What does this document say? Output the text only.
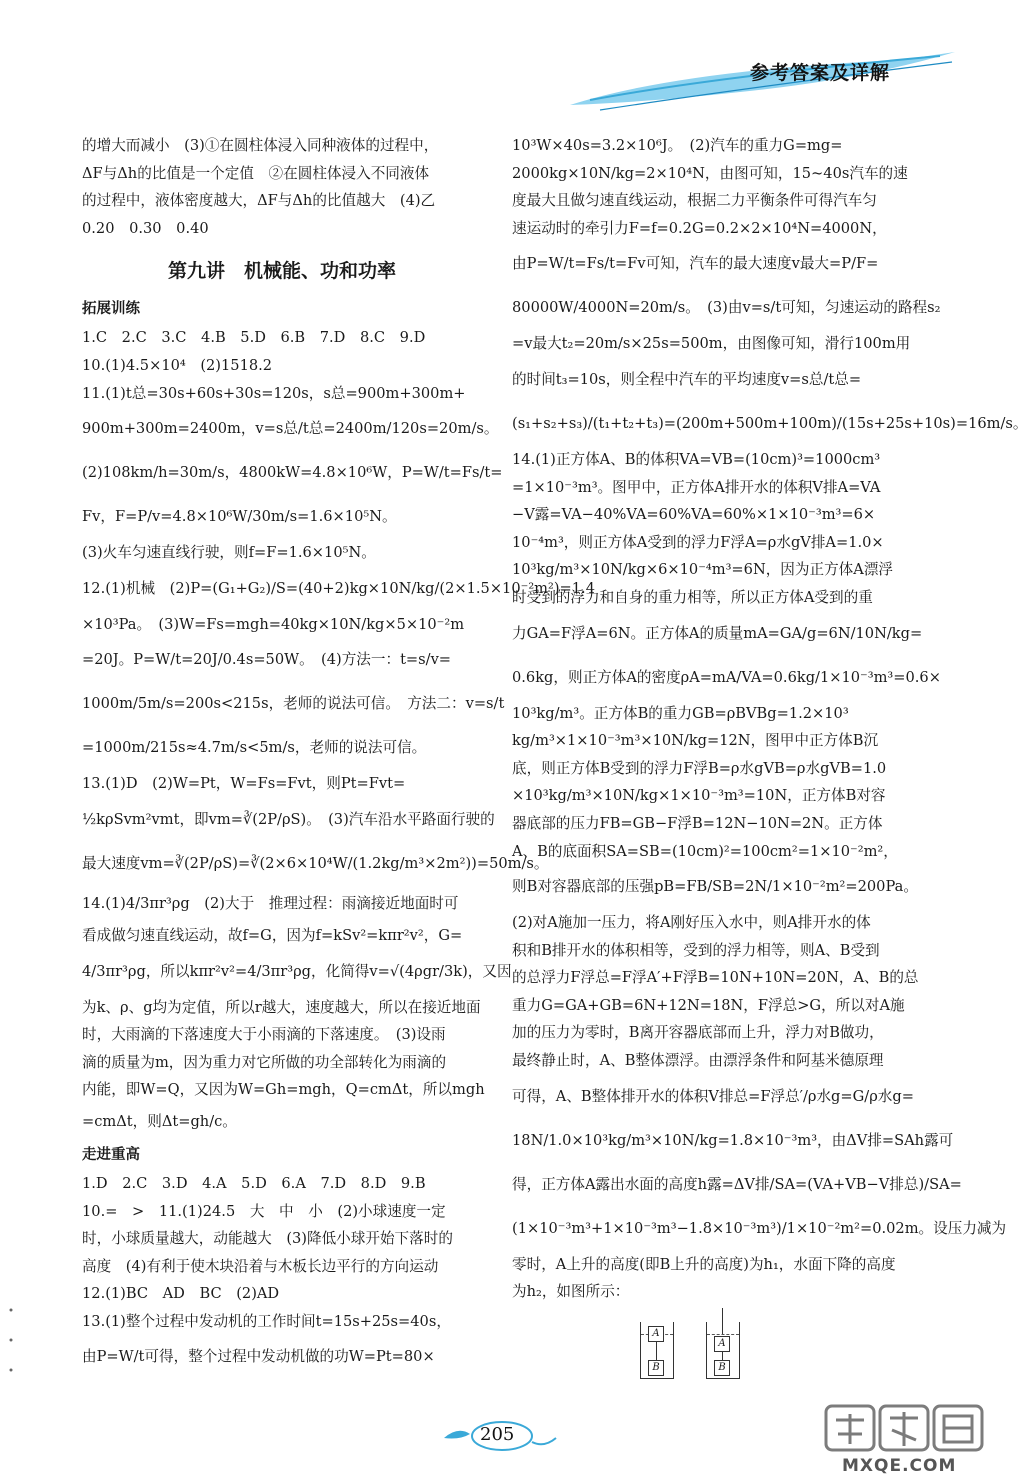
参考答案及详解
的增大而减小　(3)①在圆柱体浸入同种液体的过程中，
ΔF与Δh的比值是一个定值　②在圆柱体浸入不同液体
的过程中，液体密度越大，ΔF与Δh的比值越大　(4)乙
0.20　0.30　0.40
第九讲　机械能、功和功率
拓展训练
1.C　2.C　3.C　4.B　5.D　6.B　7.D　8.C　9.D
10.(1)4.5×10⁴　(2)1518.2
11.(1)t总=30s+60s+30s=120s，s总=900m+300m+
900m+300m=2400m，v=s总/t总=2400m/120s=20m/s。
(2)108km/h=30m/s，4800kW=4.8×10⁶W，P=W/t=Fs/t=
Fv，F=P/v=4.8×10⁶W/30m/s=1.6×10⁵N。
(3)火车匀速直线行驶，则f=F=1.6×10⁵N。
12.(1)机械　(2)P=(G₁+G₂)/S=(40+2)kg×10N/kg/(2×1.5×10⁻²m²)=1.4
×10³Pa。　(3)W=Fs=mgh=40kg×10N/kg×5×10⁻²m
=20J。P=W/t=20J/0.4s=50W。　(4)方法一：t=s/v=
1000m/5m/s=200s<215s，老师的说法可信。　方法二：v=s/t
=1000m/215s≈4.7m/s<5m/s，老师的说法可信。
13.(1)D　(2)W=Pt，W=Fs=Fvt，则Pt=Fvt=
½kρSvm²vmt，即vm=∛(2P/ρS)。　(3)汽车沿水平路面行驶的
最大速度vm=∛(2P/ρS)=∛(2×6×10⁴W/(1.2kg/m³×2m²))=50m/s。
14.(1)4/3πr³ρg　(2)大于　推理过程：雨滴接近地面时可
看成做匀速直线运动，故f=G，因为f=kSv²=kπr²v²，G=
4/3πr³ρg，所以kπr²v²=4/3πr³ρg，化简得v=√(4ρgr/3k)，又因
为k、ρ、g均为定值，所以r越大，速度越大，所以在接近地面
时，大雨滴的下落速度大于小雨滴的下落速度。　(3)设雨
滴的质量为m，因为重力对它所做的功全部转化为雨滴的
内能，即W=Q，又因为W=Gh=mgh，Q=cmΔt，所以mgh
=cmΔt，则Δt=gh/c。
走进重高
1.D　2.C　3.D　4.A　5.D　6.A　7.D　8.D　9.B
10.=　>　11.(1)24.5　大　中　小　(2)小球速度一定
时，小球质量越大，动能越大　(3)降低小球开始下落时的
高度　(4)有利于使木块沿着与木板长边平行的方向运动
12.(1)BC　AD　BC　(2)AD
13.(1)整个过程中发动机的工作时间t=15s+25s=40s，
由P=W/t可得，整个过程中发动机做的功W=Pt=80×
10³W×40s=3.2×10⁶J。　(2)汽车的重力G=mg=
2000kg×10N/kg=2×10⁴N，由图可知，15~40s汽车的速
度最大且做匀速直线运动，根据二力平衡条件可得汽车匀
速运动时的牵引力F=f=0.2G=0.2×2×10⁴N=4000N，
由P=W/t=Fs/t=Fv可知，汽车的最大速度v最大=P/F=
80000W/4000N=20m/s。　(3)由v=s/t可知，匀速运动的路程s₂
=v最大t₂=20m/s×25s=500m，由图像可知，滑行100m用
的时间t₃=10s，则全程中汽车的平均速度v=s总/t总=
(s₁+s₂+s₃)/(t₁+t₂+t₃)=(200m+500m+100m)/(15s+25s+10s)=16m/s。
14.(1)正方体A、B的体积VA=VB=(10cm)³=1000cm³
=1×10⁻³m³。图甲中，正方体A排开水的体积V排A=VA
−V露=VA−40%VA=60%VA=60%×1×10⁻³m³=6×
10⁻⁴m³，则正方体A受到的浮力F浮A=ρ水gV排A=1.0×
10³kg/m³×10N/kg×6×10⁻⁴m³=6N，因为正方体A漂浮
时受到的浮力和自身的重力相等，所以正方体A受到的重
力GA=F浮A=6N。正方体A的质量mA=GA/g=6N/10N/kg=
0.6kg，则正方体A的密度ρA=mA/VA=0.6kg/1×10⁻³m³=0.6×
10³kg/m³。正方体B的重力GB=ρBVBg=1.2×10³
kg/m³×1×10⁻³m³×10N/kg=12N，图甲中正方体B沉
底，则正方体B受到的浮力F浮B=ρ水gVB=ρ水gVB=1.0
×10³kg/m³×10N/kg×1×10⁻³m³=10N，正方体B对容
器底部的压力FB=GB−F浮B=12N−10N=2N。正方体
A、B的底面积SA=SB=(10cm)²=100cm²=1×10⁻²m²，
则B对容器底部的压强pB=FB/SB=2N/1×10⁻²m²=200Pa。
(2)对A施加一压力，将A刚好压入水中，则A排开水的体
积和B排开水的体积相等，受到的浮力相等，则A、B受到
的总浮力F浮总=F浮A′+F浮B=10N+10N=20N，A、B的总
重力G=GA+GB=6N+12N=18N，F浮总>G，所以对A施
加的压力为零时，B离开容器底部而上升，浮力对B做功，
最终静止时，A、B整体漂浮。由漂浮条件和阿基米德原理
可得，A、B整体排开水的体积V排总=F浮总′/ρ水g=G/ρ水g=
18N/1.0×10³kg/m³×10N/kg=1.8×10⁻³m³，由ΔV排=SAh露可
得，正方体A露出水面的高度h露=ΔV排/SA=(VA+VB−V排总)/SA=
(1×10⁻³m³+1×10⁻³m³−1.8×10⁻³m³)/1×10⁻²m²=0.02m。设压力减为
零时，A上升的高度(即B上升的高度)为h₁，水面下降的高度
为h₂，如图所示：
A
B
A
B
205
MXQE.COM
